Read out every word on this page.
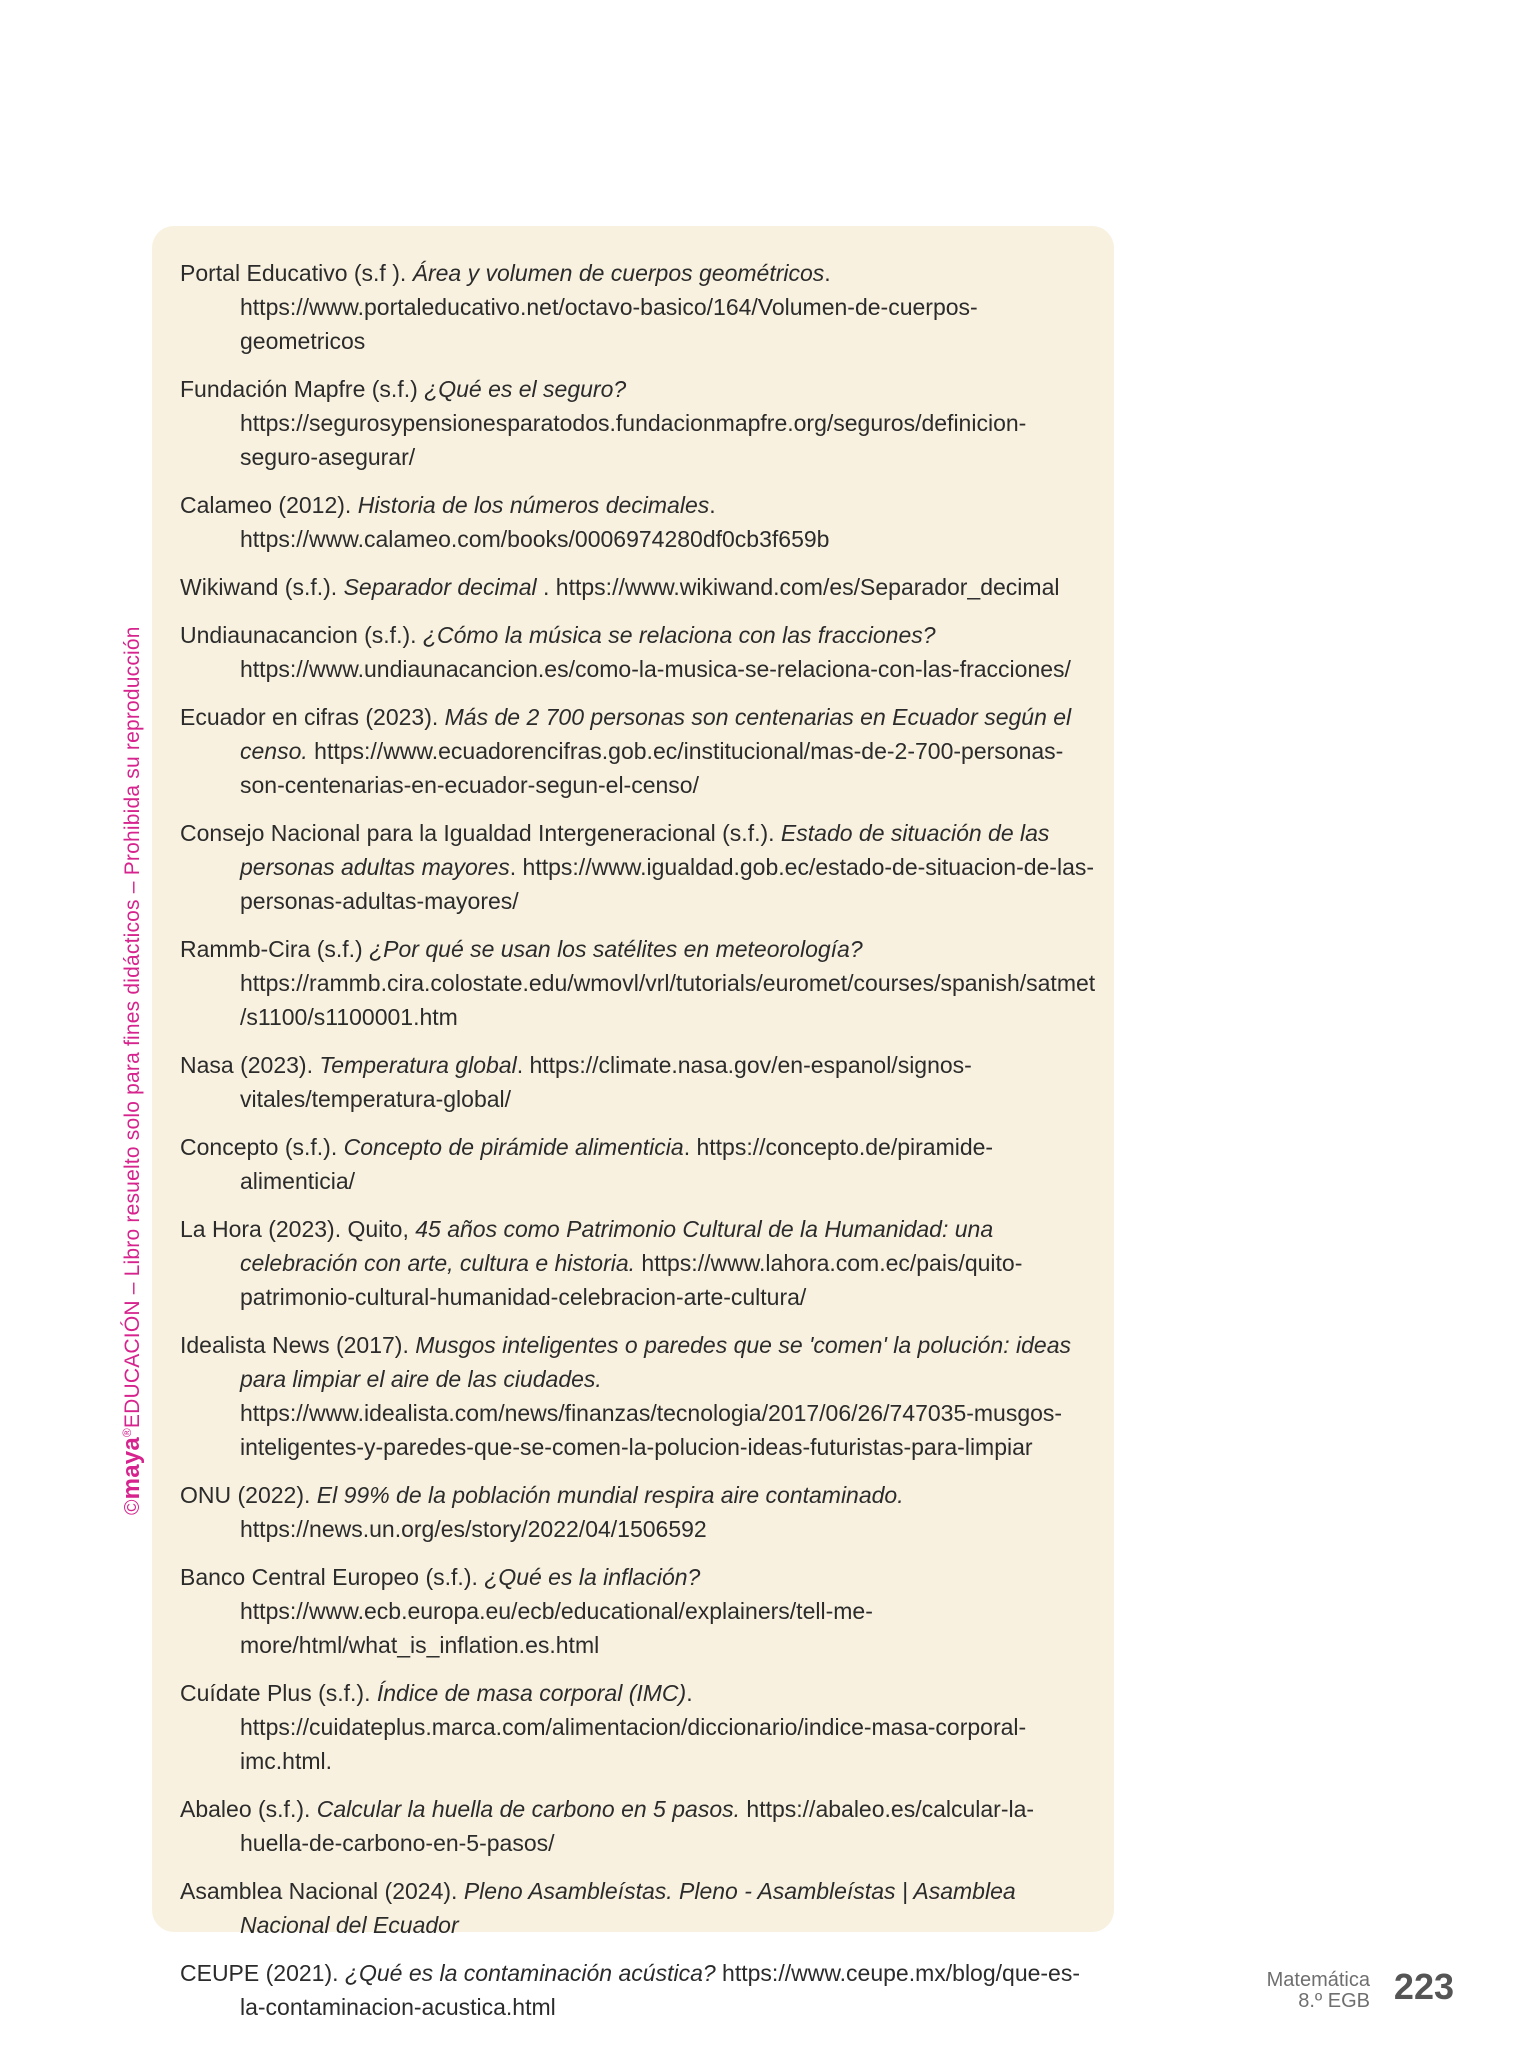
©maya®EDUCACIÓN – Libro resuelto solo para fines didácticos – Prohibida su reproducción

Portal Educativo (s.f ). Área y volumen de cuerpos geométricos. https://www.portaleducativo.net/octavo-basico/164/Volumen-de-cuerpos-geometricos

Fundación Mapfre (s.f.) ¿Qué es el seguro? https://segurosypensionesparatodos.fundacionmapfre.org/seguros/definicion-seguro-asegurar/

Calameo (2012). Historia de los números decimales. https://www.calameo.com/books/0006974280df0cb3f659b

Wikiwand (s.f.). Separador decimal . https://www.wikiwand.com/es/Separador_decimal

Undiaunacancion (s.f.). ¿Cómo la música se relaciona con las fracciones? https://www.undiaunacancion.es/como-la-musica-se-relaciona-con-las-fracciones/

Ecuador en cifras (2023). Más de 2 700 personas son centenarias en Ecuador según el censo. https://www.ecuadorencifras.gob.ec/institucional/mas-de-2-700-personas-son-centenarias-en-ecuador-segun-el-censo/

Consejo Nacional para la Igualdad Intergeneracional (s.f.). Estado de situación de las personas adultas mayores. https://www.igualdad.gob.ec/estado-de-situacion-de-las-personas-adultas-mayores/

Rammb-Cira (s.f.) ¿Por qué se usan los satélites en meteorología? https://rammb.cira.colostate.edu/wmovl/vrl/tutorials/euromet/courses/spanish/satmet/s1100/s1100001.htm

Nasa (2023). Temperatura global. https://climate.nasa.gov/en-espanol/signos-vitales/temperatura-global/

Concepto (s.f.). Concepto de pirámide alimenticia. https://concepto.de/piramide-alimenticia/

La Hora (2023). Quito, 45 años como Patrimonio Cultural de la Humanidad: una celebración con arte, cultura e historia. https://www.lahora.com.ec/pais/quito-patrimonio-cultural-humanidad-celebracion-arte-cultura/

Idealista News (2017). Musgos inteligentes o paredes que se 'comen' la polución: ideas para limpiar el aire de las ciudades. https://www.idealista.com/news/finanzas/tecnologia/2017/06/26/747035-musgos-inteligentes-y-paredes-que-se-comen-la-polucion-ideas-futuristas-para-limpiar

ONU (2022). El 99% de la población mundial respira aire contaminado. https://news.un.org/es/story/2022/04/1506592

Banco Central Europeo (s.f.). ¿Qué es la inflación? https://www.ecb.europa.eu/ecb/educational/explainers/tell-me-more/html/what_is_inflation.es.html

Cuídate Plus (s.f.). Índice de masa corporal (IMC). https://cuidateplus.marca.com/alimentacion/diccionario/indice-masa-corporal-imc.html.

Abaleo (s.f.). Calcular la huella de carbono en 5 pasos. https://abaleo.es/calcular-la-huella-de-carbono-en-5-pasos/

Asamblea Nacional (2024). Pleno Asambleístas. Pleno - Asambleístas | Asamblea Nacional del Ecuador

CEUPE (2021). ¿Qué es la contaminación acústica? https://www.ceupe.mx/blog/que-es-la-contaminacion-acustica.html

Matemática
8.º EGB 223
